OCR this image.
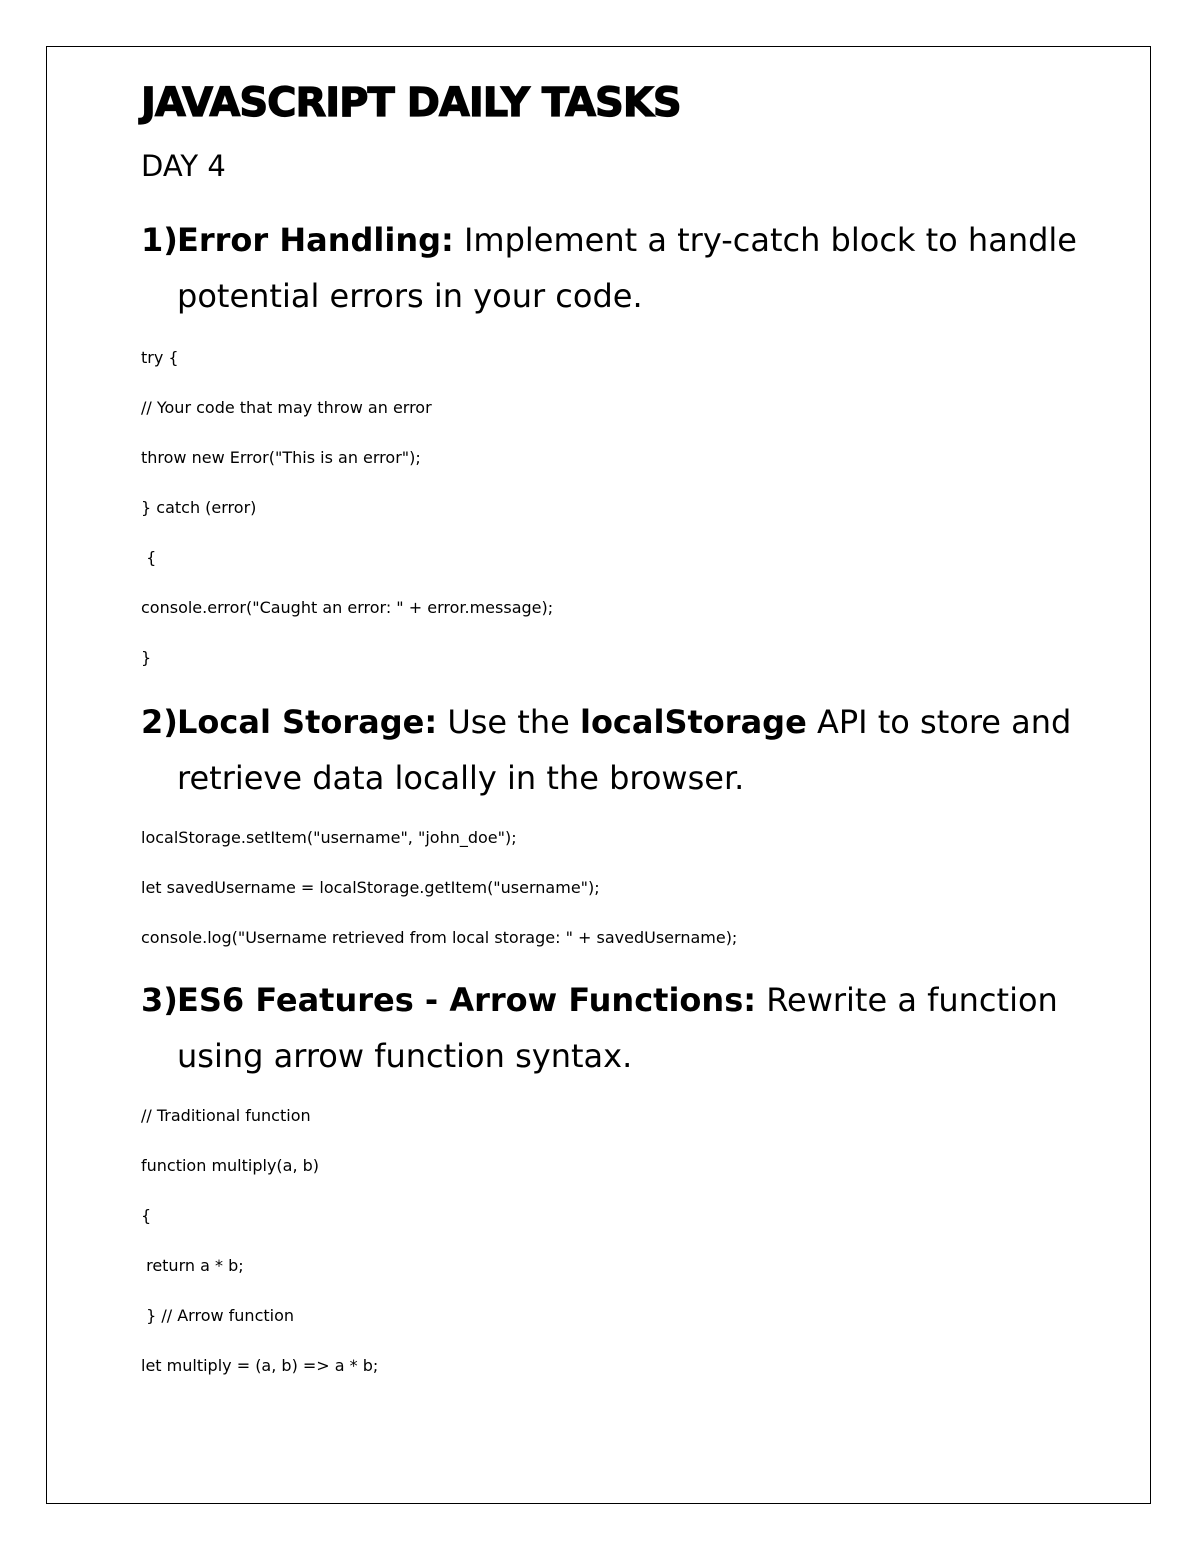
JAVASCRIPT DAILY TASKS
DAY 4
1) Error Handling: Implement a try-catch block to handle potential errors in your code.
try {
// Your code that may throw an error
throw new Error("This is an error");
} catch (error)
{
console.error("Caught an error: " + error.message);
}
2) Local Storage: Use the localStorage API to store and retrieve data locally in the browser.
localStorage.setItem("username", "john_doe");
let savedUsername = localStorage.getItem("username");
console.log("Username retrieved from local storage: " + savedUsername);
3) ES6 Features - Arrow Functions: Rewrite a function using arrow function syntax.
// Traditional function
function multiply(a, b)
{
return a * b;
} // Arrow function
let multiply = (a, b) => a * b;
